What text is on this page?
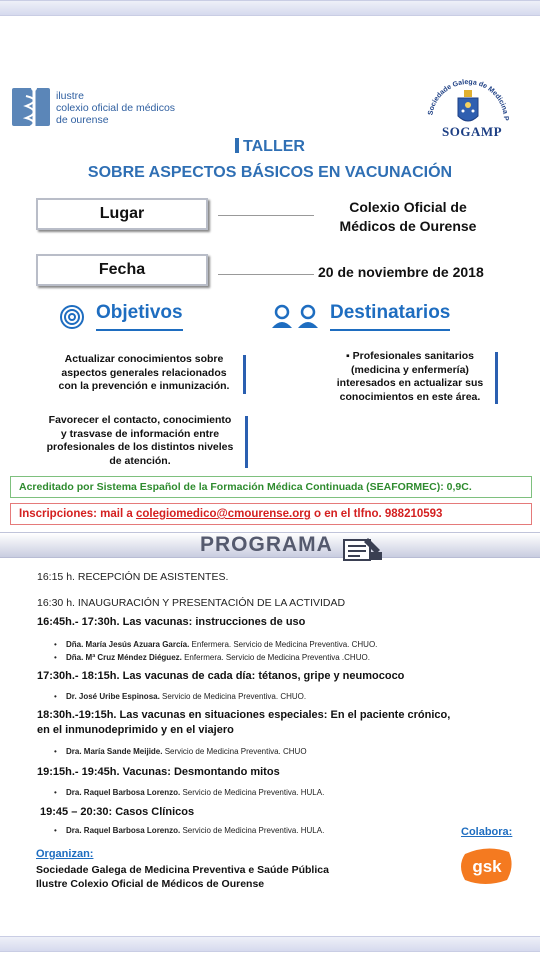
ilustre
colexio oficial de médicos
de ourense
Sociedade Galega de Medicina P
SOGAMP
TALLER
SOBRE ASPECTOS BÁSICOS EN VACUNACIÓN
Lugar	Colexio Oficial de
Médicos de Ourense
Fecha	20 de noviembre de 2018
Objetivos	Destinatarios
Actualizar conocimientos sobre
aspectos generales relacionados
con la prevención e inmunización.
Favorecer el contacto, conocimiento
y trasvase de información entre
profesionales de los distintos niveles
de atención.
▪ Profesionales sanitarios
(medicina y enfermería)
interesados en actualizar sus
conocimientos en este área.
Acreditado por Sistema Español de la Formación Médica Continuada (SEAFORMEC): 0,9C.
Inscripciones: mail a colegiomedico@cmourense.org o en el tlfno. 988210593
PROGRAMA
16:15 h. RECEPCIÓN DE ASISTENTES.
16:30 h. INAUGURACIÓN Y PRESENTACIÓN DE LA ACTIVIDAD
16:45h.- 17:30h. Las vacunas: instrucciones de uso
• Dña. María Jesús Azuara García. Enfermera. Servicio de Medicina Preventiva. CHUO.
• Dña. Mª Cruz Méndez Diéguez. Enfermera. Servicio de Medicina Preventiva .CHUO.
17:30h.- 18:15h. Las vacunas de cada día: tétanos, gripe y neumococo
• Dr. José Uribe Espinosa. Servicio de Medicina Preventiva. CHUO.
18:30h.-19:15h. Las vacunas en situaciones especiales: En el paciente crónico,
en el inmunodeprimido y en el viajero
• Dra. María Sande Meijide. Servicio de Medicina Preventiva. CHUO
19:15h.- 19:45h. Vacunas: Desmontando mitos
• Dra. Raquel Barbosa Lorenzo. Servicio de Medicina Preventiva. HULA.
19:45 – 20:30: Casos Clínicos
• Dra. Raquel Barbosa Lorenzo. Servicio de Medicina Preventiva. HULA.	Colabora:
gsk
Organizan:
Sociedade Galega de Medicina Preventiva e Saúde Pública
Ilustre Colexio Oficial de Médicos de Ourense
